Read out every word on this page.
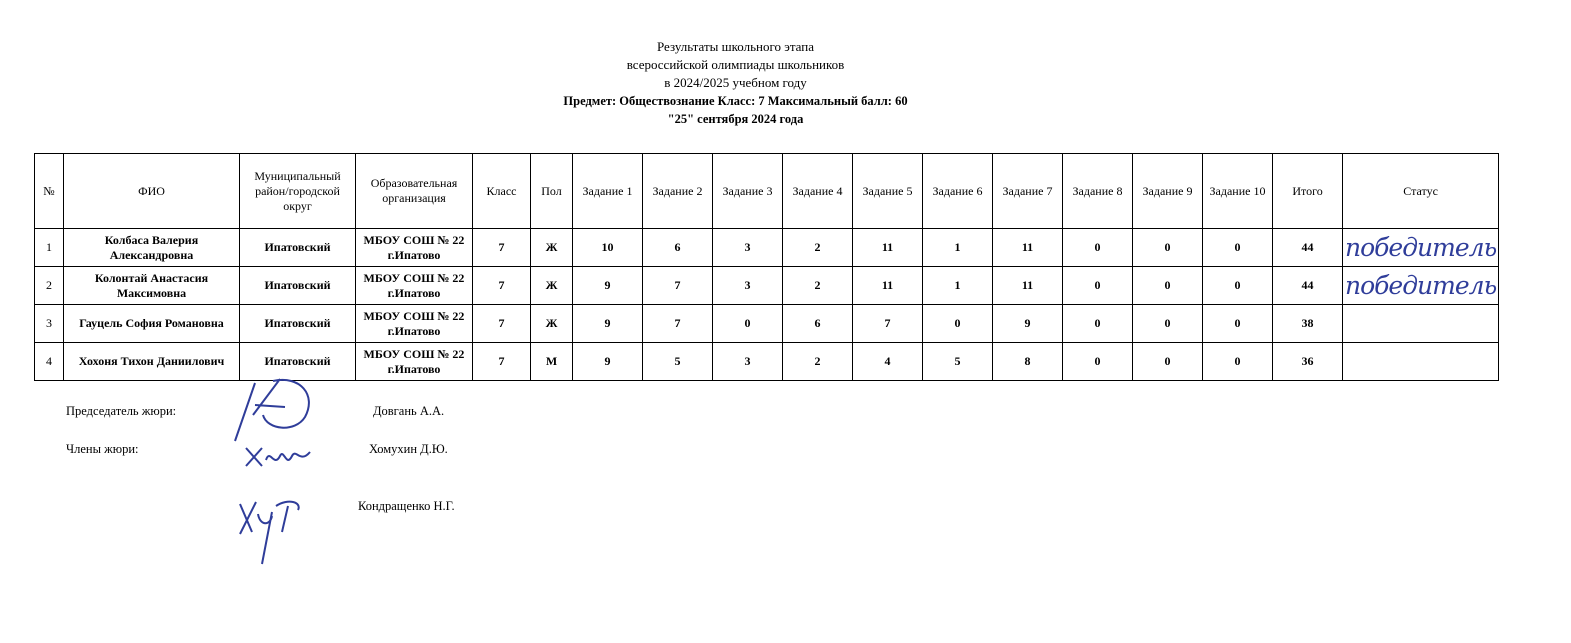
Результаты школьного этапа
всероссийской олимпиады школьников
в 2024/2025 учебном году
Предмет: Обществознание Класс: 7 Максимальный балл: 60
"25" сентября 2024 года
№	ФИО	Муниципальный район/городской округ	Образовательная организация	Класс	Пол	Задание 1	Задание 2	Задание 3	Задание 4	Задание 5	Задание 6	Задание 7	Задание 8	Задание 9	Задание 10	Итого	Статус
1	Колбаса Валерия Александровна	Ипатовский	МБОУ СОШ № 22 г.Ипатово	7	Ж	10	6	3	2	11	1	11	0	0	0	44	победитель
2	Колонтай Анастасия Максимовна	Ипатовский	МБОУ СОШ № 22 г.Ипатово	7	Ж	9	7	3	2	11	1	11	0	0	0	44	победитель
3	Гауцель София Романовна	Ипатовский	МБОУ СОШ № 22 г.Ипатово	7	Ж	9	7	0	6	7	0	9	0	0	0	38	
4	Хохоня Тихон Даниилович	Ипатовский	МБОУ СОШ № 22 г.Ипатово	7	М	9	5	3	2	4	5	8	0	0	0	36	
Председатель жюри:	Довгань А.А.
Члены жюри:	Хомухин Д.Ю.
Кондращенко Н.Г.
